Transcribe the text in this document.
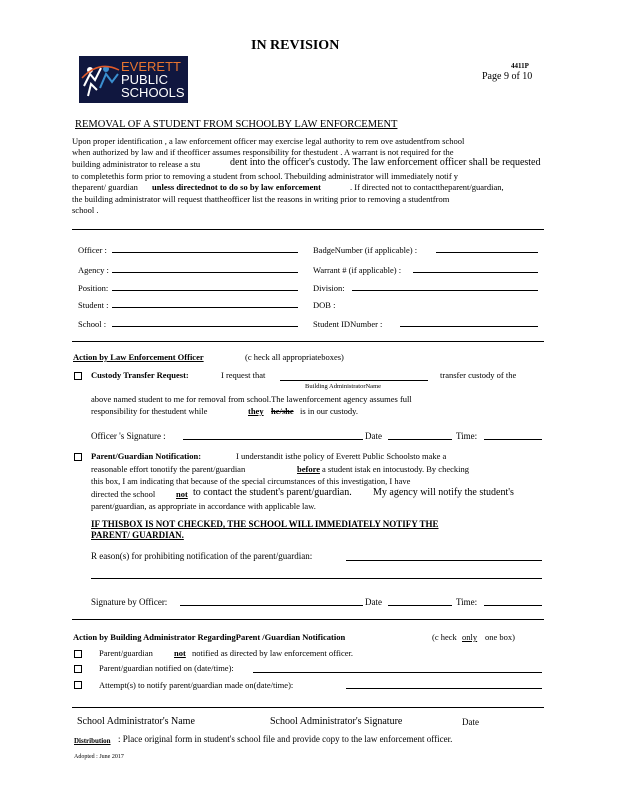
IN REVISION
4411P
Page 9 of 10
EVERETT
PUBLIC
SCHOOLS
REMOVAL OF A STUDENT FROM SCHOOLBY LAW ENFORCEMENT
Upon proper identification , a law enforcement officer may exercise legal authority to rem ove astudentfrom school
when authorized by law and if theofficer assumes responsibility for thestudent . A warrant is not required for the
building administrator to release a stu	dent into the officer's custody. The law enforcement officer shall be requested
to completethis form prior to removing a student from school. Thebuilding administrator will immediately notif y
theparent/ guardian unless directednot to do so by law enforcement	. If directed not to contacttheparent/guardian,
the building administrator will request thattheofficer list the reasons in writing prior to removing a studentfrom
school .
Officer :	BadgeNumber (if applicable) :
Agency :	Warrant # (if applicable) :
Position:	Division:
Student :	DOB :
School :	Student IDNumber :
Action by Law Enforcement Officer	(c heck all appropriateboxes)
Custody Transfer Request:	I request that	transfer custody of the
Building AdministratorName
above named student to me for removal from school.The lawenforcement agency assumes full
responsibility for thestudent while	they he/she is in our custody.
Officer 's Signature :	Date	Time:
Parent/Guardian Notification:	I understandit isthe policy of Everett Public Schoolsto make a
reasonable effort tonotify the parent/guardian	before a student istak en intocustody. By checking
this box, I am indicating that because of the special circumstances of this investigation, I have
directed the school not to contact the student's parent/guardian. My agency will notify the student's
parent/guardian, as appropriate in accordance with applicable law.
IF THISBOX IS NOT CHECKED, THE SCHOOL WILL IMMEDIATELY NOTIFY THE
PARENT/ GUARDIAN.
R eason(s) for prohibiting notification of the parent/guardian:
Signature by Officer:	Date	Time:
Action by Building Administrator RegardingParent /Guardian Notification	(c heck only one box)
Parent/guardian not notified as directed by law enforcement officer.
Parent/guardian notified on (date/time):
Attempt(s) to notify parent/guardian made on(date/time):
School Administrator's Name	School Administrator's Signature	Date
Distribution : Place original form in student's school file and provide copy to the law enforcement officer.
Adopted : June 2017
